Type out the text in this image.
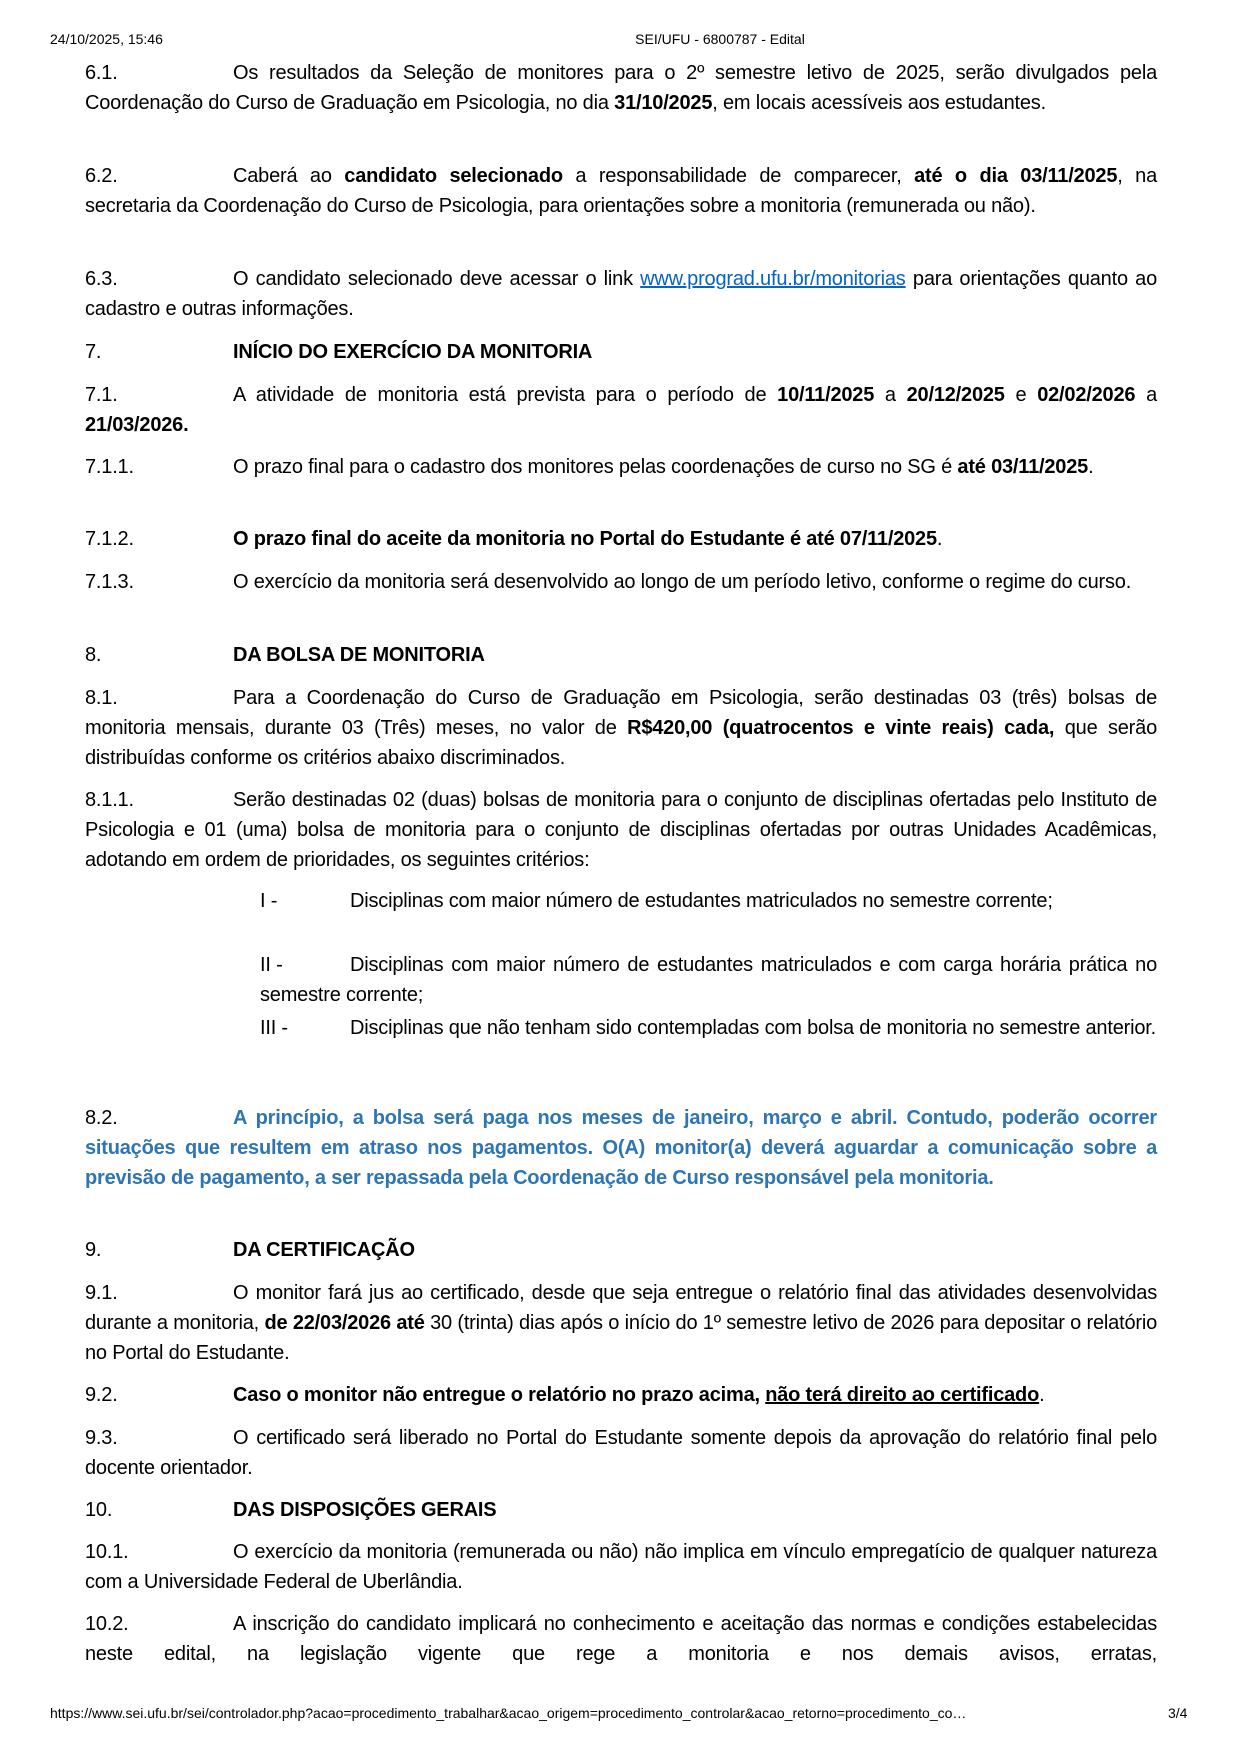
24/10/2025, 15:46	SEI/UFU - 6800787 - Edital
6.1.	Os resultados da Seleção de monitores para o 2º semestre letivo de 2025, serão divulgados pela Coordenação do Curso de Graduação em Psicologia, no dia 31/10/2025, em locais acessíveis aos estudantes.
6.2.	Caberá ao candidato selecionado a responsabilidade de comparecer, até o dia 03/11/2025, na secretaria da Coordenação do Curso de Psicologia, para orientações sobre a monitoria (remunerada ou não).
6.3.	O candidato selecionado deve acessar o link www.prograd.ufu.br/monitorias para orientações quanto ao cadastro e outras informações.
7.	INÍCIO DO EXERCÍCIO DA MONITORIA
7.1.	A atividade de monitoria está prevista para o período de 10/11/2025 a 20/12/2025 e 02/02/2026 a 21/03/2026.
7.1.1.	O prazo final para o cadastro dos monitores pelas coordenações de curso no SG é até 03/11/2025.
7.1.2.	O prazo final do aceite da monitoria no Portal do Estudante é até 07/11/2025.
7.1.3.	O exercício da monitoria será desenvolvido ao longo de um período letivo, conforme o regime do curso.
8.	DA BOLSA DE MONITORIA
8.1.	Para a Coordenação do Curso de Graduação em Psicologia, serão destinadas 03 (três) bolsas de monitoria mensais, durante 03 (Três) meses, no valor de R$420,00 (quatrocentos e vinte reais) cada, que serão distribuídas conforme os critérios abaixo discriminados.
8.1.1.	Serão destinadas 02 (duas) bolsas de monitoria para o conjunto de disciplinas ofertadas pelo Instituto de Psicologia e 01 (uma) bolsa de monitoria para o conjunto de disciplinas ofertadas por outras Unidades Acadêmicas, adotando em ordem de prioridades, os seguintes critérios:
I -	Disciplinas com maior número de estudantes matriculados no semestre corrente;
II -	Disciplinas com maior número de estudantes matriculados e com carga horária prática no semestre corrente;
III -	Disciplinas que não tenham sido contempladas com bolsa de monitoria no semestre anterior.
8.2.	A princípio, a bolsa será paga nos meses de janeiro, março e abril. Contudo, poderão ocorrer situações que resultem em atraso nos pagamentos. O(A) monitor(a) deverá aguardar a comunicação sobre a previsão de pagamento, a ser repassada pela Coordenação de Curso responsável pela monitoria.
9.	DA CERTIFICAÇÃO
9.1.	O monitor fará jus ao certificado, desde que seja entregue o relatório final das atividades desenvolvidas durante a monitoria, de 22/03/2026 até 30 (trinta) dias após o início do 1º semestre letivo de 2026 para depositar o relatório no Portal do Estudante.
9.2.	Caso o monitor não entregue o relatório no prazo acima, não terá direito ao certificado.
9.3.	O certificado será liberado no Portal do Estudante somente depois da aprovação do relatório final pelo docente orientador.
10.	DAS DISPOSIÇÕES GERAIS
10.1.	O exercício da monitoria (remunerada ou não) não implica em vínculo empregatício de qualquer natureza com a Universidade Federal de Uberlândia.
10.2.	A inscrição do candidato implicará no conhecimento e aceitação das normas e condições estabelecidas neste edital, na legislação vigente que rege a monitoria e nos demais avisos, erratas,
https://www.sei.ufu.br/sei/controlador.php?acao=procedimento_trabalhar&acao_origem=procedimento_controlar&acao_retorno=procedimento_co…	3/4
